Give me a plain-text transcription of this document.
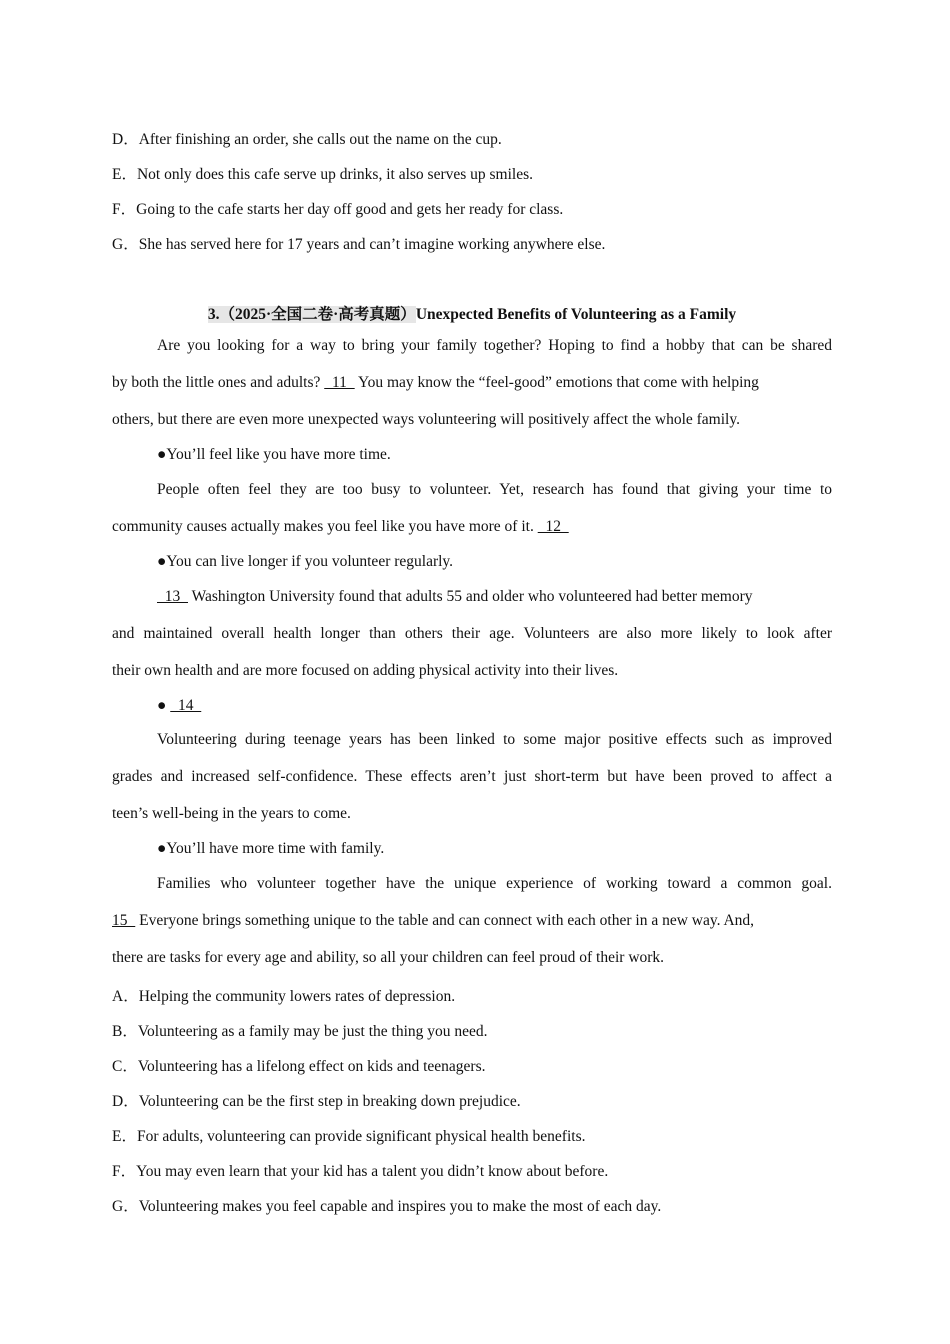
D．After finishing an order, she calls out the name on the cup.
E．Not only does this cafe serve up drinks, it also serves up smiles.
F．Going to the cafe starts her day off good and gets her ready for class.
G．She has served here for 17 years and can’t imagine working anywhere else.
3.（2025·全国二卷·高考真题）Unexpected Benefits of Volunteering as a Family
Are you looking for a way to bring your family together? Hoping to find a hobby that can be shared
by both the little ones and adults?   11   You may know the “feel-good” emotions that come with helping
others, but there are even more unexpected ways volunteering will positively affect the whole family.
●You’ll feel like you have more time.
People often feel they are too busy to volunteer. Yet, research has found that giving your time to
community causes actually makes you feel like you have more of it.   12
●You can live longer if you volunteer regularly.
13   Washington University found that adults 55 and older who volunteered had better memory
and maintained overall health longer than others their age. Volunteers are also more likely to look after
their own health and are more focused on adding physical activity into their lives.
●   14
Volunteering during teenage years has been linked to some major positive effects such as improved
grades and increased self-confidence. These effects aren’t just short-term but have been proved to affect a
teen’s well-being in the years to come.
●You’ll have more time with family.
Families who volunteer together have the unique experience of working toward a common goal.
15   Everyone brings something unique to the table and can connect with each other in a new way. And,
there are tasks for every age and ability, so all your children can feel proud of their work.
A．Helping the community lowers rates of depression.
B．Volunteering as a family may be just the thing you need.
C．Volunteering has a lifelong effect on kids and teenagers.
D．Volunteering can be the first step in breaking down prejudice.
E．For adults, volunteering can provide significant physical health benefits.
F．You may even learn that your kid has a talent you didn’t know about before.
G．Volunteering makes you feel capable and inspires you to make the most of each day.
